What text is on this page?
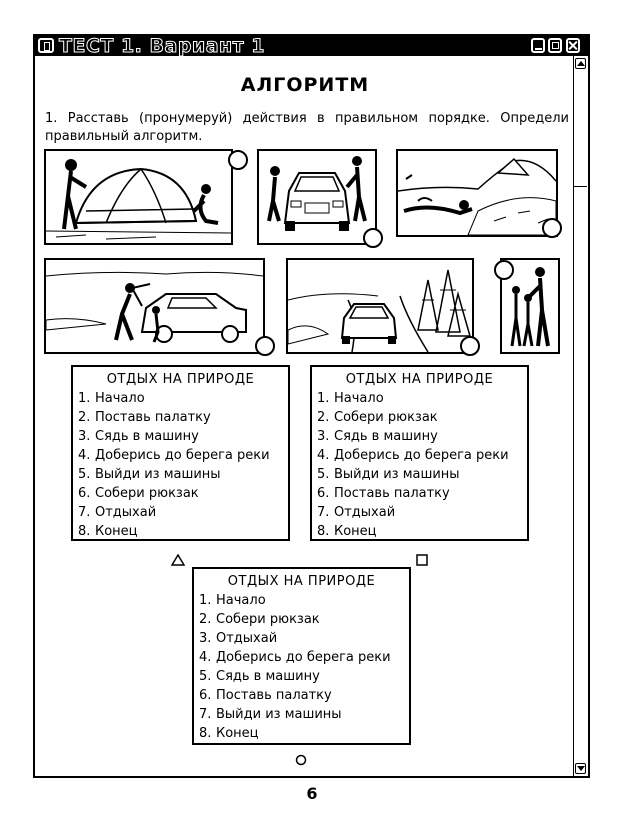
ТЕСТ 1. Вариант 1
АЛГОРИТМ
1. Расставь (пронумеруй) действия в правильном порядке. Определи правильный алгоритм.
ОТДЫХ НА ПРИРОДЕ
1. Начало
2. Поставь палатку
3. Сядь в машину
4. Доберись до берега реки
5. Выйди из машины
6. Собери рюкзак
7. Отдыхай
8. Конец
ОТДЫХ НА ПРИРОДЕ
1. Начало
2. Собери рюкзак
3. Сядь в машину
4. Доберись до берега реки
5. Выйди из машины
6. Поставь палатку
7. Отдыхай
8. Конец
ОТДЫХ НА ПРИРОДЕ
1. Начало
2. Собери рюкзак
3. Отдыхай
4. Доберись до берега реки
5. Сядь в машину
6. Поставь палатку
7. Выйди из машины
8. Конец
6
